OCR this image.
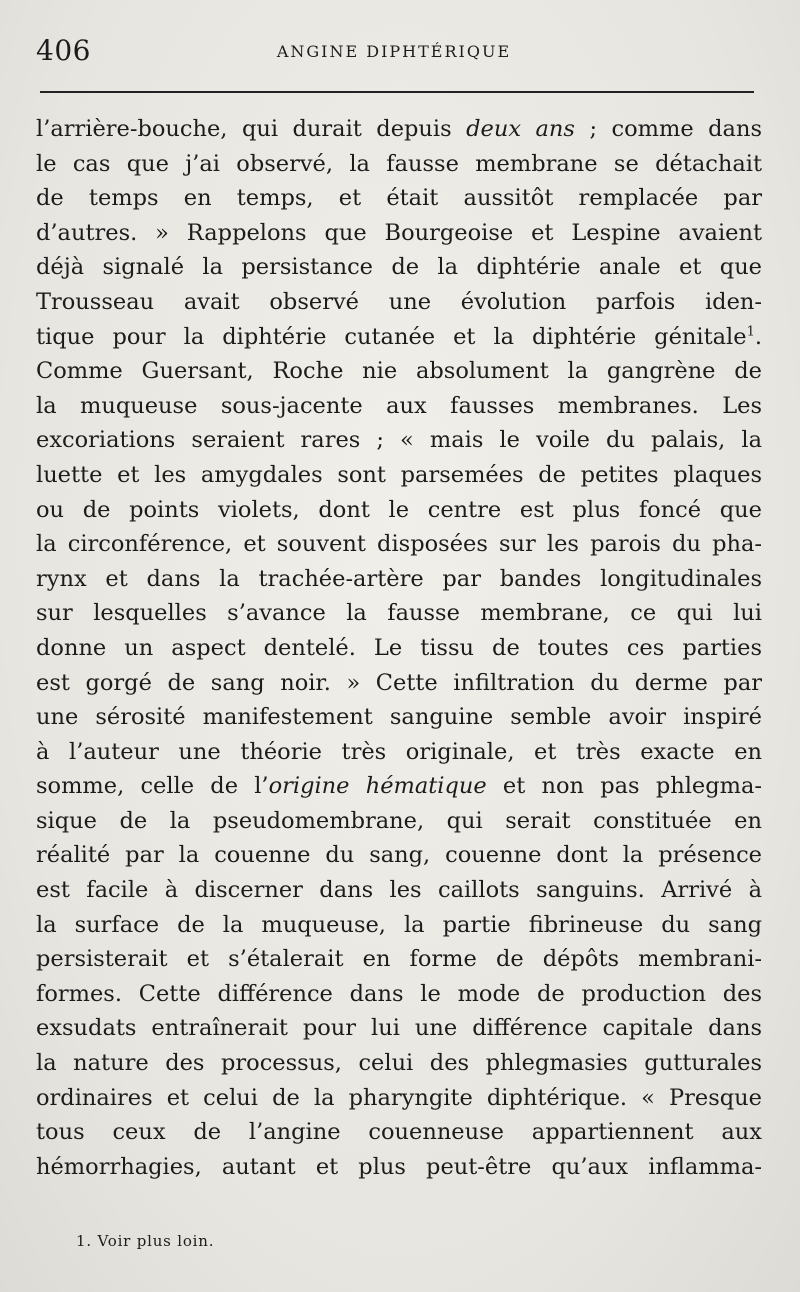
406	ANGINE DIPHTÉRIQUE
l’arrière-bouche, qui durait depuis deux ans ; comme dans
le cas que j’ai observé, la fausse membrane se détachait
de temps en temps, et était aussitôt remplacée par
d’autres. » Rappelons que Bourgeoise et Lespine avaient
déjà signalé la persistance de la diphtérie anale et que
Trousseau avait observé une évolution parfois iden-
tique pour la diphtérie cutanée et la diphtérie génitale$^1$.
Comme Guersant, Roche nie absolument la gangrène de
la muqueuse sous-jacente aux fausses membranes. Les
excoriations seraient rares ; « mais le voile du palais, la
luette et les amygdales sont parsemées de petites plaques
ou de points violets, dont le centre est plus foncé que
la circonférence, et souvent disposées sur les parois du pha-
rynx et dans la trachée-artère par bandes longitudinales
sur lesquelles s’avance la fausse membrane, ce qui lui
donne un aspect dentelé. Le tissu de toutes ces parties
est gorgé de sang noir. » Cette infiltration du derme par
une sérosité manifestement sanguine semble avoir inspiré
à l’auteur une théorie très originale, et très exacte en
somme, celle de l’origine hématique et non pas phlegma-
sique de la pseudomembrane, qui serait constituée en
réalité par la couenne du sang, couenne dont la présence
est facile à discerner dans les caillots sanguins. Arrivé à
la surface de la muqueuse, la partie fibrineuse du sang
persisterait et s’étalerait en forme de dépôts membrani-
formes. Cette différence dans le mode de production des
exsudats entraînerait pour lui une différence capitale dans
la nature des processus, celui des phlegmasies gutturales
ordinaires et celui de la pharyngite diphtérique. « Presque
tous ceux de l’angine couenneuse appartiennent aux
hémorrhagies, autant et plus peut-être qu’aux inflamma-
1. Voir plus loin.
